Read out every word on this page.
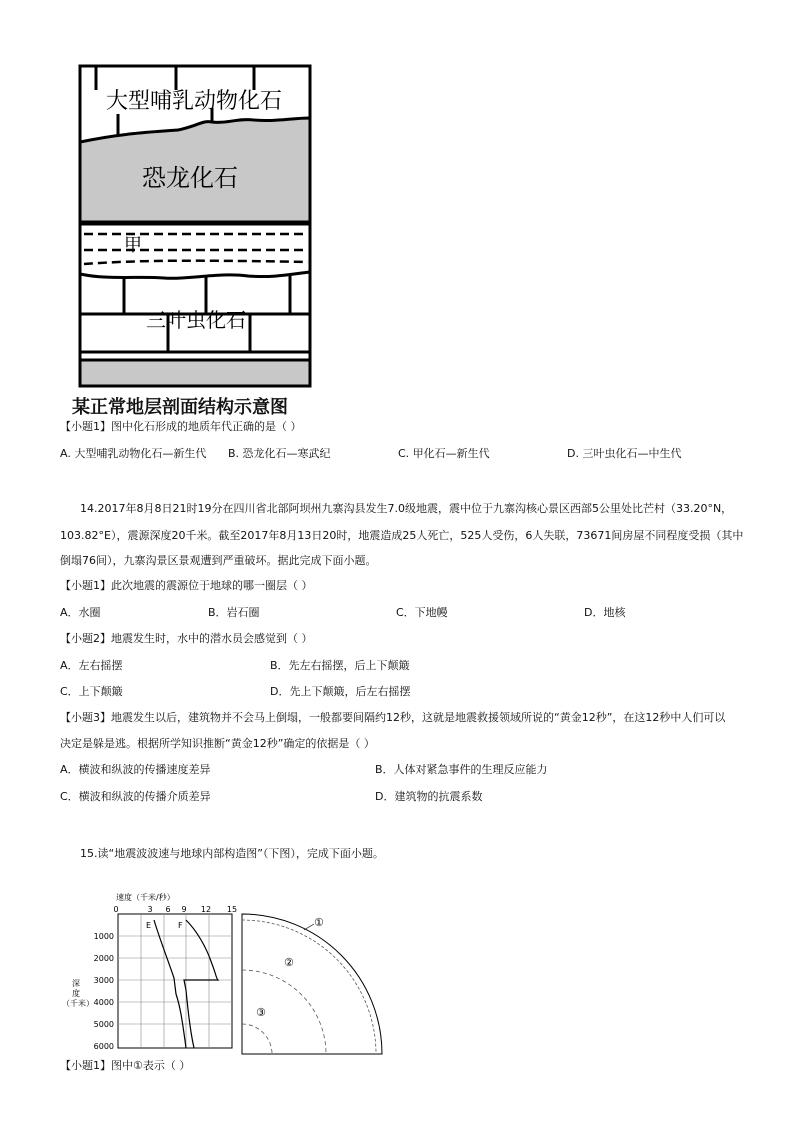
大型哺乳动物化石
恐龙化石
甲
三叶虫化石
某正常地层剖面结构示意图
【小题1】图中化石形成的地质年代正确的是（ ）
A. 大型哺乳动物化石—新生代 B. 恐龙化石—寒武纪	C. 甲化石—新生代	D. 三叶虫化石—中生代
14.2017年8月8日21时19分在四川省北部阿坝州九寨沟县发生7.0级地震，震中位于九寨沟核心景区西部5公里处比芒村（33.20°N，
103.82°E），震源深度20千米。截至2017年8月13日20时，地震造成25人死亡，525人受伤，6人失联，73671间房屋不同程度受损（其中
倒塌76间），九寨沟景区景观遭到严重破坏。据此完成下面小题。
【小题1】此次地震的震源位于地球的哪一圈层（ ）
A．水圈	B．岩石圈	C．下地幔	D．地核
【小题2】地震发生时，水中的潜水员会感觉到（ ）
A．左右摇摆	B．先左右摇摆，后上下颠簸
C．上下颠簸	D．先上下颠簸，后左右摇摆
【小题3】地震发生以后，建筑物并不会马上倒塌，一般都要间隔约12秒，这就是地震救援领域所说的“黄金12秒”，在这12秒中人们可以
决定是躲是逃。根据所学知识推断“黄金12秒”确定的依据是（ ）
A．横波和纵波的传播速度差异	B．人体对紧急事件的生理反应能力
C．横波和纵波的传播介质差异	D．建筑物的抗震系数
15.读“地震波波速与地球内部构造图”（下图），完成下面小题。
速度（千米/秒）
0	3 6 9 12 15
1000
2000
3000
4000
5000
6000
深
度
（千米）
E	F	①
②
③
【小题1】图中①表示（ ）
